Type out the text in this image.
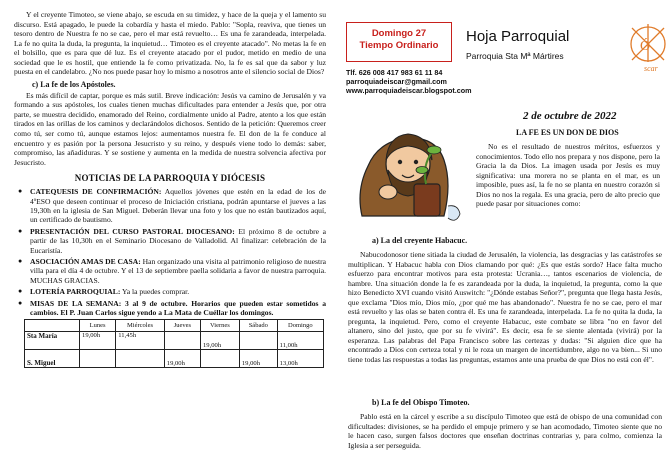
Y el creyente Timoteo, se viene abajo, se escuda en su timidez, y hace de la queja y el lamento su discurso. Está apagado, le puede la cobardía y hasta el miedo. Pablo: "Sopla, reaviva, que tienes un tesoro dentro de Nuestra fe no se cae, pero el mar está revuelto… Es una fe zarandeada, interpelada. La fe no quita la duda, la pregunta, la inquietud… Timoteo es el creyente atacado". No metas la fe en el bolsillo, que es para que dé luz. Es el creyente atacado por el pudor, metido en medio de una sociedad que le es hostil, que entiende la fe como privatizada. No, la fe es sal que da sabor y luz puesta en el candelabro. ¿No nos puede pasar hoy lo mismo a nosotros ante el silencio social de Dios?

c) La fe de los Apóstoles.

Es más difícil de captar, porque es más sutil. Breve indicación: Jesús va camino de Jerusalén y va formando a sus apóstoles, los cuales tienen muchas dificultades para entender a Jesús que, por otra parte, se muestra decidido, enamorado del Reino, cordialmente unido al Padre, atento a los que están tirados en las orillas de los caminos y declarándolos dichosos. Sentido de la petición: Queremos creer como tú, ser como tú, aunque estamos lejos: aumentamos nuestra fe. El don de la fe conduce al encuentro y es pasión por la persona Jesucristo y su reino, y después viene todo lo demás: saber, compromiso, las añadiduras. Y se sostiene y aumenta en la medida de nuestra solvencia afectiva por Jesucristo.

NOTICIAS DE LA PARROQUIA Y DIÓCESIS
● CATEQUESIS DE CONFIRMACIÓN: Aquellos jóvenes que estén en la edad de los de 4ºESO que deseen continuar el proceso de Iniciación cristiana, podrán apuntarse el jueves a las 19,30h en la iglesia de San Miguel. Deberán llevar una foto y los que no están bautizados aquí, un certificado de bautismo.
● PRESENTACIÓN DEL CURSO PASTORAL DIOCESANO: El próximo 8 de octubre a partir de las 10,30h en el Seminario Diocesano de Valladolid. Al finalizar: celebración de la Eucaristía.
● ASOCIACIÓN AMAS DE CASA: Han organizado una visita al patrimonio religioso de nuestra villa para el día 4 de octubre. Y el 13 de septiembre paella solidaria a favor de nuestra parroquia. MUCHAS GRACIAS.
● LOTERÍA PARROQUIAL: Ya la puedes comprar.
● MISAS DE LA SEMANA: 3 al 9 de octubre. Horarios que pueden estar sometidos a cambios. El P. Juan Carlos sigue yendo a La Mata de Cuéllar los domingos.
	Lunes	Miércoles	Jueves	Viernes	Sábado	Domingo
Sta María	19,00h	11,45h		19,00h		11,00h
S. Miguel			19,00h		19,00h	13,00h
Domingo 27
Tiempo Ordinario
Hoja Parroquial
Parroquia Sta Mª Mártires
Ó
scar
Tlf. 626 008 417 983 61 11 84
parroquiadeiscar@gmail.com
www.parroquiadeiscar.blogspot.com
2 de octubre de 2022
LA FE ES UN DON DE DIOS

No es el resultado de nuestros méritos, esfuerzos y conocimientos. Todo ello nos prepara y nos dispone, pero la Gracia la da Dios. La imagen usada por Jesús es muy significativa: una morera no se planta en el mar, es un imposible, pues así, la fe no se planta en nuestro corazón si Dios no nos la regala. Es una gracia, pero de alto precio que puede pasar por situaciones como:

a) La del creyente Habacuc.

Nabucodonosor tiene sitiada la ciudad de Jerusalén, la violencia, las desgracias y las catástrofes se multiplican. Y Habacuc habla con Dios clamando por qué: ¿Es que estás sordo? Hace falta mucho esfuerzo para encontrar motivos para esta protesta: Ucrania…, tantos escenarios de violencia, de hambre. Una situación donde la fe es zarandeada por la duda, la inquietud, la pregunta, como la que hizo Benedicto XVI cuando visitó Auswitch: "¿Dónde estabas Señor?", pregunta que llega hasta Jesús, que exclama "Dios mío, Dios mío, ¿por qué me has abandonado". Nuestra fe no se cae, pero el mar está revuelto y las olas se baten contra él. Es una fe zarandeada, interpelada. La fe no quita la duda, la pregunta, la inquietud. Pero, como el creyente Habacuc, este combate se libra "no en favor del altanero, sino del justo, que por su fe vivirá". Es decir, esa fe se siente alentada (vivirá) por la esperanza. Las palabras del Papa Francisco sobre las certezas y dudas: "Si alguien dice que ha encontrado a Dios con certeza total y ni le roza un margen de incertidumbre, algo no va bien... Si uno tiene todas las respuestas a todas las preguntas, estamos ante una prueba de que Dios no está con él".

b) La fe del Obispo Timoteo.

Pablo está en la cárcel y escribe a su discípulo Timoteo que está de obispo de una comunidad con dificultades: divisiones, se ha perdido el empuje primero y se han acomodado, Timoteo siente que no le hacen caso, surgen falsos doctores que enseñan doctrinas contrarias y, para colmo, comienza la Iglesia a ser perseguida.
